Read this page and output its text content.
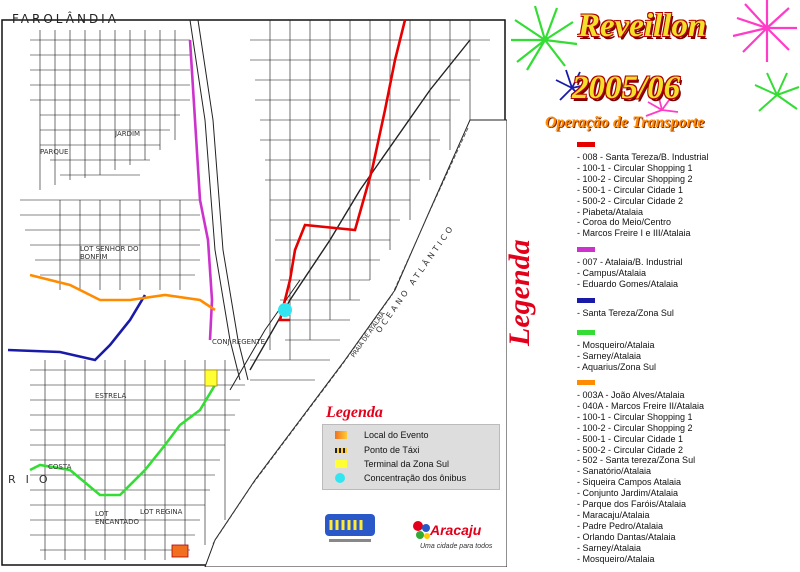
FAROLÂNDIA
JARDIM
PARQUE
LOT SENHOR DO BONFIM
CONJ REGENTE
ESTRELA
COSTA
LOT ENCANTADO
LOT REGINA
OCEANO ATLÂNTICO
PRAIA DE ATALAIA
RIO
Legenda
Local do Evento
Ponto de Táxi
Terminal da Zona Sul
Concentração dos ônibus
Aracaju
Uma cidade para todos
Reveillon
2005/06
Operação de Transporte
Legenda
- 008 - Santa Tereza/B. Industrial
- 100-1 - Circular Shopping 1
- 100-2 - Circular Shopping 2
- 500-1 - Circular Cidade 1
- 500-2 - Circular Cidade 2
- Piabeta/Atalaia
- Coroa do Meio/Centro
- Marcos Freire I e III/Atalaia
- 007 - Atalaia/B. Industrial
- Campus/Atalaia
- Eduardo Gomes/Atalaia
- Santa Tereza/Zona Sul
- Mosqueiro/Atalaia
- Sarney/Atalaia
- Aquarius/Zona Sul
- 003A - João Alves/Atalaia
- 040A - Marcos Freire II/Atalaia
- 100-1 - Circular Shopping 1
- 100-2 - Circular Shopping 2
- 500-1 - Circular Cidade 1
- 500-2 - Circular Cidade 2
- 502 - Santa tereza/Zona Sul
- Sanatório/Atalaia
- Siqueira Campos Atalaia
- Conjunto Jardim/Atalaia
- Parque dos Faróis/Atalaia
- Maracaju/Atalaia
- Padre Pedro/Atalaia
- Orlando Dantas/Atalaia
- Sarney/Atalaia
- Mosqueiro/Atalaia
